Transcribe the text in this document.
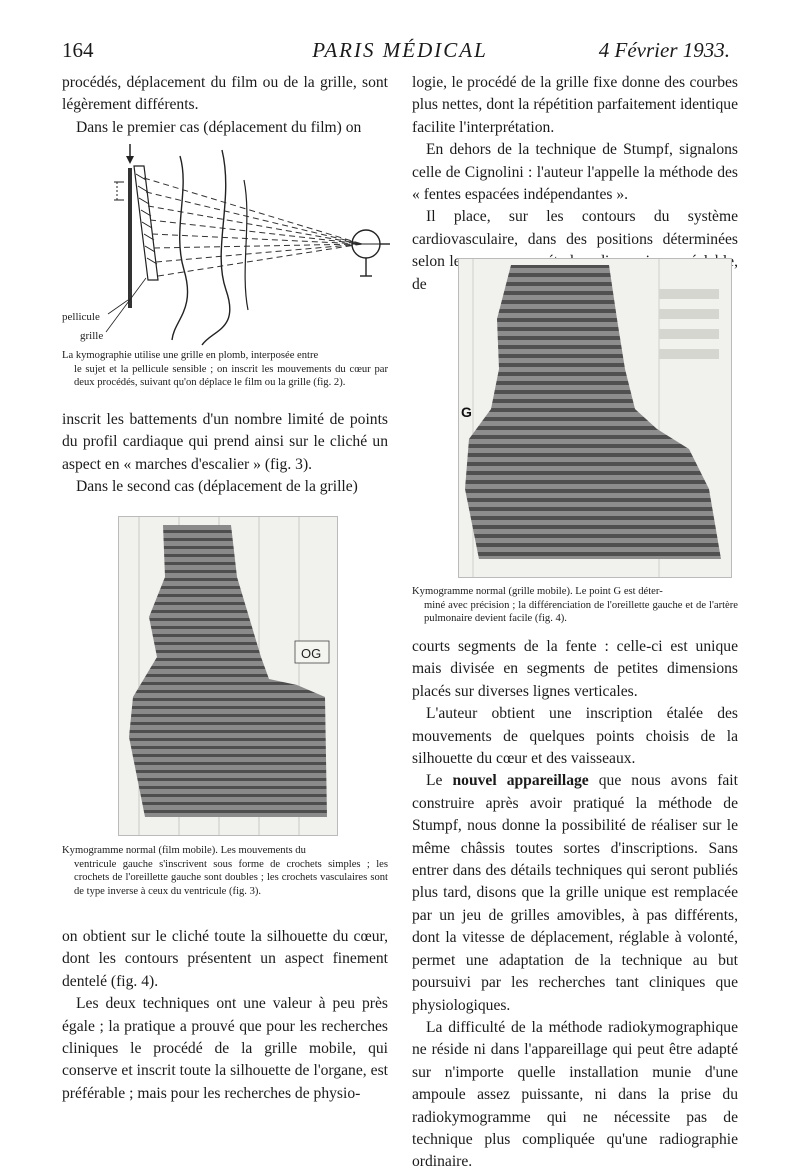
164	PARIS MÉDICAL	4 Février 1933.

procédés, déplacement du film ou de la grille, sont légèrement différents.

Dans le premier cas (déplacement du film) on

pellicule
grille
La kymographie utilise une grille en plomb, interposée entre
le sujet et la pellicule sensible ; on inscrit les mouvements du cœur par deux procédés, suivant qu'on déplace le film ou la grille (fig. 2).

inscrit les battements d'un nombre limité de points du profil cardiaque qui prend ainsi sur le cliché un aspect en « marches d'escalier » (fig. 3).

Dans le second cas (déplacement de la grille)

OG
Kymogramme normal (film mobile). Les mouvements du
ventricule gauche s'inscrivent sous forme de crochets simples ; les crochets de l'oreillette gauche sont doubles ; les crochets vasculaires sont de type inverse à ceux du ventricule (fig. 3).

on obtient sur le cliché toute la silhouette du cœur, dont les contours présentent un aspect finement dentelé (fig. 4).

Les deux techniques ont une valeur à peu près égale ; la pratique a prouvé que pour les recherches cliniques le procédé de la grille mobile, qui conserve et inscrit toute la silhouette de l'organe, est préférable ; mais pour les recherches de physio-

logie, le procédé de la grille fixe donne des courbes plus nettes, dont la répétition parfaitement identique facilite l'interprétation.

En dehors de la technique de Stumpf, signalons celle de Cignolini : l'auteur l'appelle la méthode des « fentes espacées indépendantes ».

Il place, sur les contours du système cardiovasculaire, dans des positions déterminées selon les cas par une étude radioscopique préalable, de

G
Kymogramme normal (grille mobile). Le point G est déter-
miné avec précision ; la différenciation de l'oreillette gauche et de l'artère pulmonaire devient facile (fig. 4).

courts segments de la fente : celle-ci est unique mais divisée en segments de petites dimensions placés sur diverses lignes verticales.

L'auteur obtient une inscription étalée des mouvements de quelques points choisis de la silhouette du cœur et des vaisseaux.

Le nouvel appareillage que nous avons fait construire après avoir pratiqué la méthode de Stumpf, nous donne la possibilité de réaliser sur le même châssis toutes sortes d'inscriptions. Sans entrer dans des détails techniques qui seront publiés plus tard, disons que la grille unique est remplacée par un jeu de grilles amovibles, à pas différents, dont la vitesse de déplacement, réglable à volonté, permet une adaptation de la technique au but poursuivi par les recherches tant cliniques que physiologiques.

La difficulté de la méthode radiokymographique ne réside ni dans l'appareillage qui peut être adapté sur n'importe quelle installation munie d'une ampoule assez puissante, ni dans la prise du radiokymogramme qui ne nécessite pas de technique plus compliquée qu'une radiographie ordinaire.
